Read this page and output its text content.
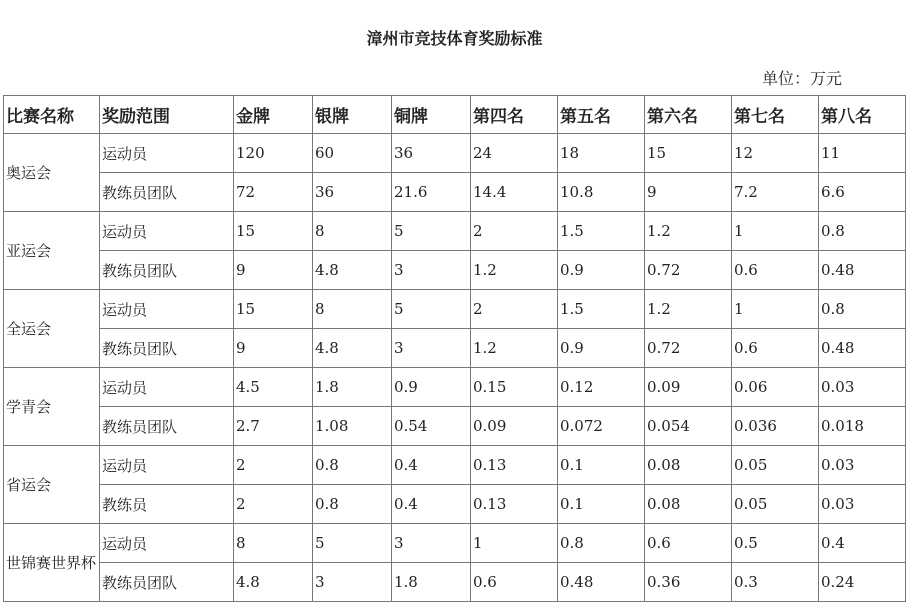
漳州市竞技体育奖励标准
单位：万元
比赛名称	奖励范围	金牌	银牌	铜牌	第四名	第五名	第六名	第七名	第八名
奥运会	运动员	120	60	36	24	18	15	12	11
	教练员团队	72	36	21.6	14.4	10.8	9	7.2	6.6
亚运会	运动员	15	8	5	2	1.5	1.2	1	0.8
	教练员团队	9	4.8	3	1.2	0.9	0.72	0.6	0.48
全运会	运动员	15	8	5	2	1.5	1.2	1	0.8
	教练员团队	9	4.8	3	1.2	0.9	0.72	0.6	0.48
学青会	运动员	4.5	1.8	0.9	0.15	0.12	0.09	0.06	0.03
	教练员团队	2.7	1.08	0.54	0.09	0.072	0.054	0.036	0.018
省运会	运动员	2	0.8	0.4	0.13	0.1	0.08	0.05	0.03
	教练员	2	0.8	0.4	0.13	0.1	0.08	0.05	0.03
世锦赛世界杯	运动员	8	5	3	1	0.8	0.6	0.5	0.4
	教练员团队	4.8	3	1.8	0.6	0.48	0.36	0.3	0.24
